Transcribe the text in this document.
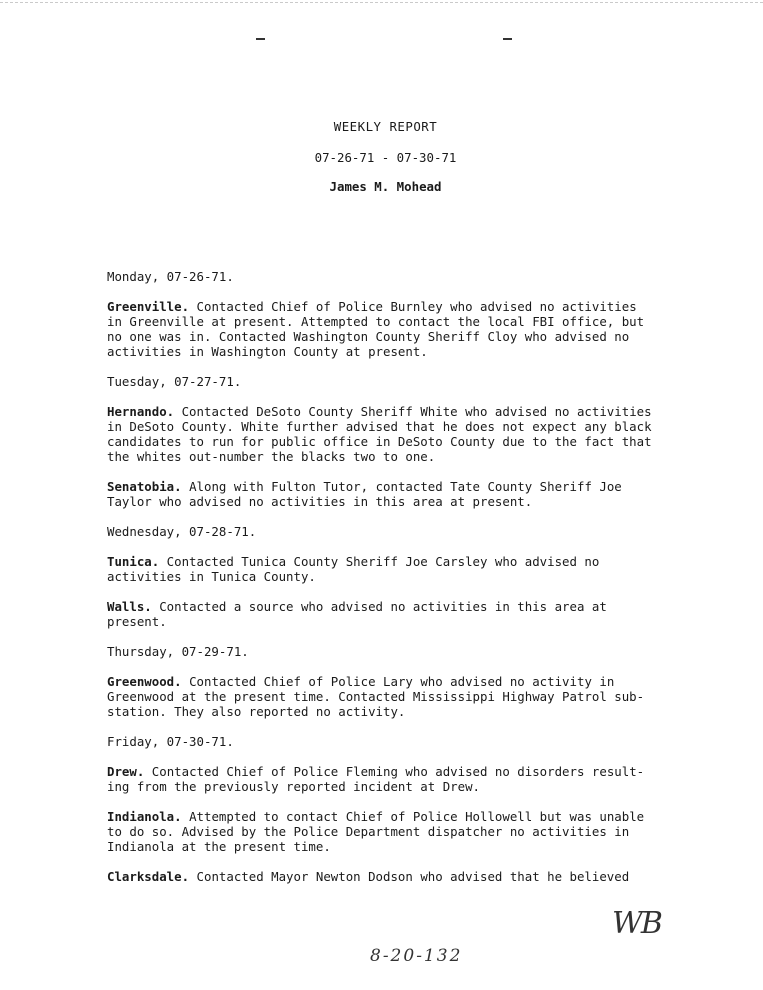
WEEKLY REPORT
07-26-71 - 07-30-71
James M. Mohead
Monday, 07-26-71.
Greenville. Contacted Chief of Police Burnley who advised no activities
in Greenville at present. Attempted to contact the local FBI office, but
no one was in. Contacted Washington County Sheriff Cloy who advised no
activities in Washington County at present.
Tuesday, 07-27-71.
Hernando. Contacted DeSoto County Sheriff White who advised no activities
in DeSoto County. White further advised that he does not expect any black
candidates to run for public office in DeSoto County due to the fact that
the whites out-number the blacks two to one.
Senatobia. Along with Fulton Tutor, contacted Tate County Sheriff Joe
Taylor who advised no activities in this area at present.
Wednesday, 07-28-71.
Tunica. Contacted Tunica County Sheriff Joe Carsley who advised no
activities in Tunica County.
Walls. Contacted a source who advised no activities in this area at
present.
Thursday, 07-29-71.
Greenwood. Contacted Chief of Police Lary who advised no activity in
Greenwood at the present time. Contacted Mississippi Highway Patrol sub-
station. They also reported no activity.
Friday, 07-30-71.
Drew. Contacted Chief of Police Fleming who advised no disorders result-
ing from the previously reported incident at Drew.
Indianola. Attempted to contact Chief of Police Hollowell but was unable
to do so. Advised by the Police Department dispatcher no activities in
Indianola at the present time.
Clarksdale. Contacted Mayor Newton Dodson who advised that he believed
WB
8-20-132
